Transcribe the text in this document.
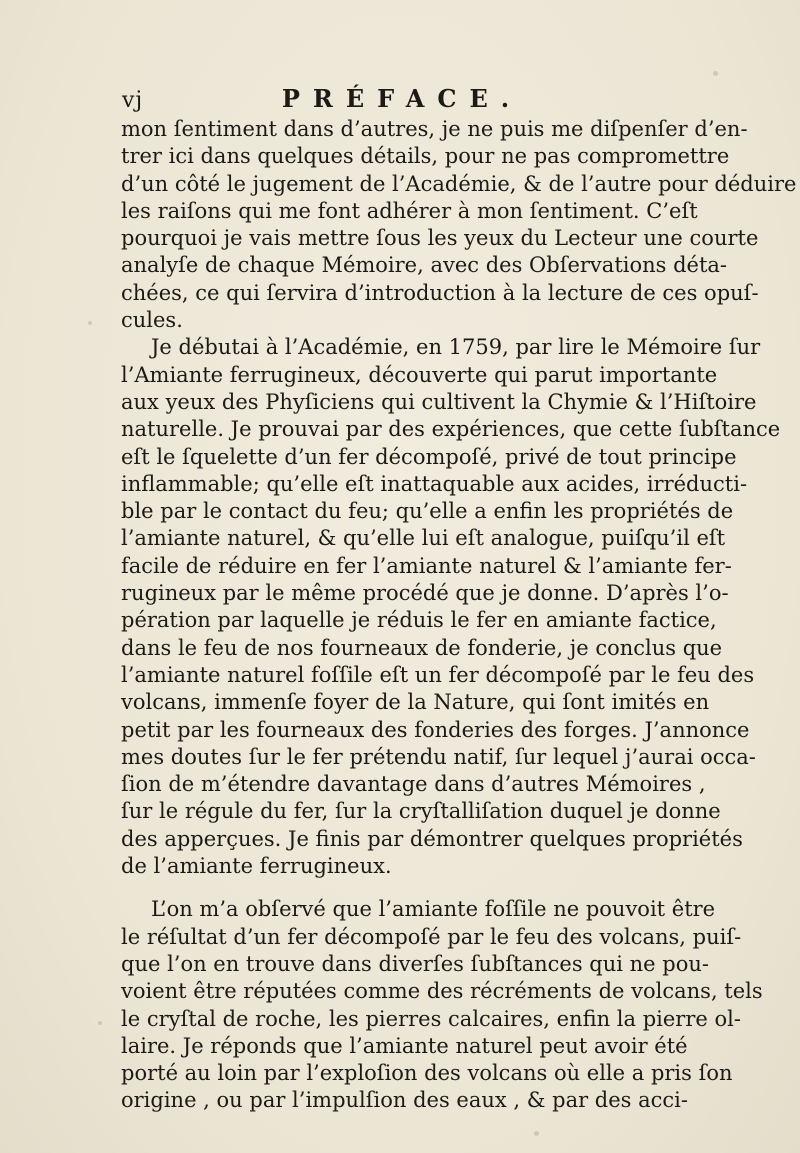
vj	PRÉFACE.
mon ſentiment dans d’autres, je ne puis me diſpenſer d’en-
trer ici dans quelques détails, pour ne pas compromettre
d’un côté le jugement de l’Académie, & de l’autre pour déduire
les raiſons qui me font adhérer à mon ſentiment. C’eſt
pourquoi je vais mettre ſous les yeux du Lecteur une courte
analyſe de chaque Mémoire, avec des Obſervations déta-
chées, ce qui ſervira d’introduction à la lecture de ces opuſ-
cules.
Je débutai à l’Académie, en 1759, par lire le Mémoire ſur
l’Amiante ferrugineux, découverte qui parut importante
aux yeux des Phyſiciens qui cultivent la Chymie & l’Hiſtoire
naturelle. Je prouvai par des expériences, que cette ſubſtance
eſt le ſquelette d’un fer décompoſé, privé de tout principe
inflammable; qu’elle eſt inattaquable aux acides, irréducti-
ble par le contact du feu; qu’elle a enfin les propriétés de
l’amiante naturel, & qu’elle lui eſt analogue, puiſqu’il eſt
facile de réduire en fer l’amiante naturel & l’amiante fer-
rugineux par le même procédé que je donne. D’après l’o-
pération par laquelle je réduis le fer en amiante factice,
dans le feu de nos fourneaux de fonderie, je conclus que
l’amiante naturel foſſile eſt un fer décompoſé par le feu des
volcans, immenſe foyer de la Nature, qui ſont imités en
petit par les fourneaux des fonderies des forges. J’annonce
mes doutes ſur le fer prétendu natif, ſur lequel j’aurai occa-
ſion de m’étendre davantage dans d’autres Mémoires ,
ſur le régule du fer, ſur la cryſtalliſation duquel je donne
des apperçues. Je finis par démontrer quelques propriétés
de l’amiante ferrugineux.
L’on m’a obſervé que l’amiante foſſile ne pouvoit être
le réſultat d’un fer décompoſé par le feu des volcans, puiſ-
que l’on en trouve dans diverſes ſubſtances qui ne pou-
voient être réputées comme des récréments de volcans, tels
le cryſtal de roche, les pierres calcaires, enfin la pierre ol-
laire. Je réponds que l’amiante naturel peut avoir été
porté au loin par l’exploſion des volcans où elle a pris ſon
origine , ou par l’impulſion des eaux , & par des acci-
